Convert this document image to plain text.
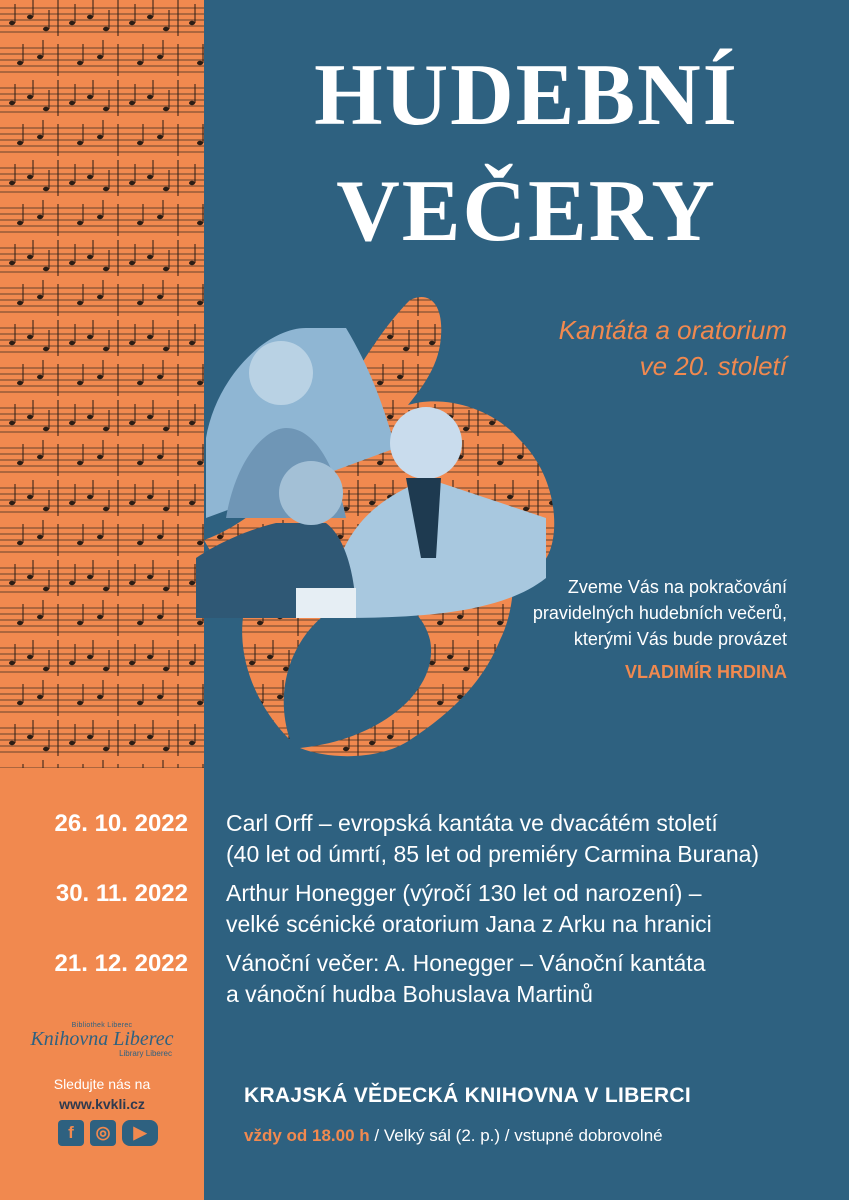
HUDEBNÍ
VEČERY
Kantáta a oratorium
ve 20. století
Zveme Vás na pokračování
pravidelných hudebních večerů,
kterými Vás bude provázet
VLADIMÍR HRDINA
26. 10. 2022 Carl Orff – evropská kantáta ve dvacátém století
(40 let od úmrtí, 85 let od premiéry Carmina Burana)
30. 11. 2022 Arthur Honegger (výročí 130 let od narození) –
velké scénické oratorium Jana z Arku na hranici
21. 12. 2022 Vánoční večer: A. Honegger – Vánoční kantáta
a vánoční hudba Bohuslava Martinů
Bibliothek Liberec
Knihovna Liberec
Library Liberec
Sledujte nás na
www.kvkli.cz
f	◎	▶
KRAJSKÁ VĚDECKÁ KNIHOVNA V LIBERCI
vždy od 18.00 h / Velký sál (2. p.) / vstupné dobrovolné
